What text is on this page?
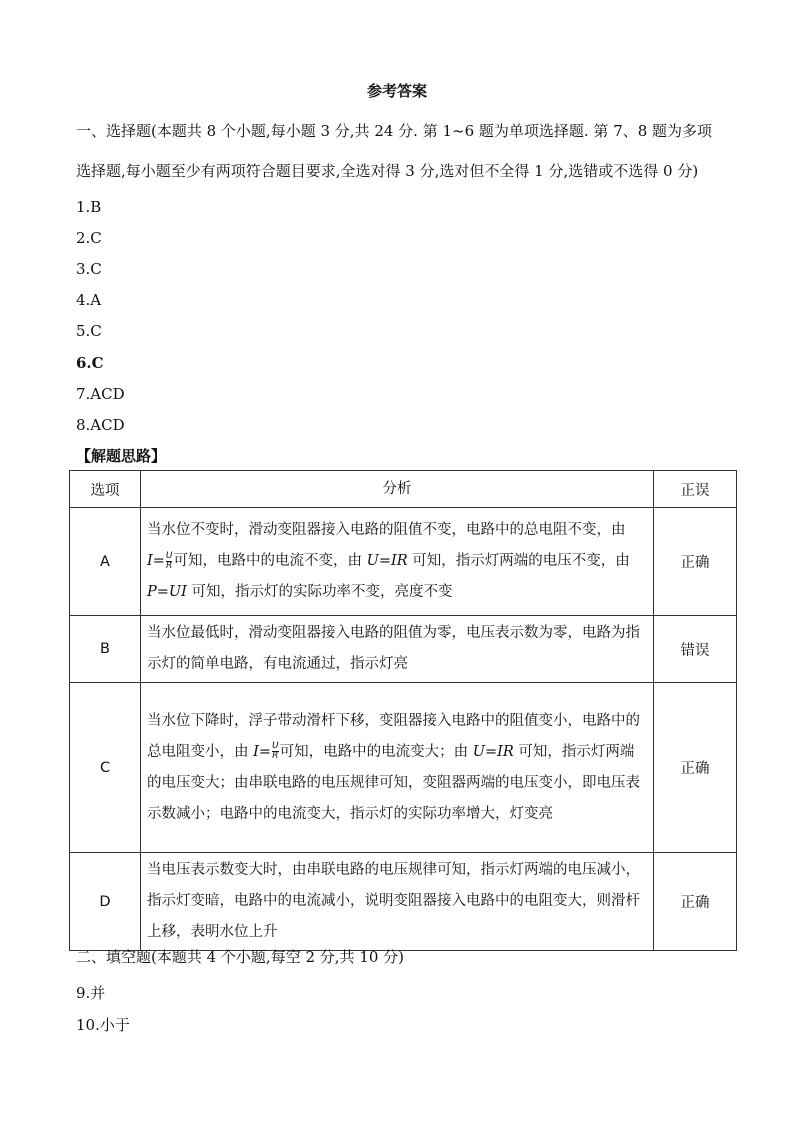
参考答案
一、选择题(本题共 8 个小题,每小题 3 分,共 24 分. 第 1~6 题为单项选择题. 第 7、8 题为多项
选择题,每小题至少有两项符合题目要求,全选对得 3 分,选对但不全得 1 分,选错或不选得 0 分)
1.B
2.C
3.C
4.A
5.C
6.C
7.ACD
8.ACD
【解题思路】
选项	分析	正误
A	当水位不变时，滑动变阻器接入电路的阻值不变，电路中的总电阻不变，由 $I= \frac{U}{R}$ 可知，电路中的电流不变，由 U=IR 可知，指示灯两端的电压不变，由 P=UI 可知，指示灯的实际功率不变，亮度不变	正确
B	当水位最低时，滑动变阻器接入电路的阻值为零，电压表示数为零，电路为指示灯的简单电路，有电流通过，指示灯亮	错误
C	当水位下降时，浮子带动滑杆下移，变阻器接入电路中的阻值变小，电路中的总电阻变小，由 $I= \frac{U}{R}$ 可知，电路中的电流变大；由 U=IR 可知，指示灯两端的电压变大；由串联电路的电压规律可知，变阻器两端的电压变小，即电压表示数减小；电路中的电流变大，指示灯的实际功率增大，灯变亮	正确
D	当电压表示数变大时，由串联电路的电压规律可知，指示灯两端的电压减小，指示灯变暗，电路中的电流减小，说明变阻器接入电路中的电阻变大，则滑杆上移，表明水位上升	正确
二、填空题(本题共 4 个小题,每空 2 分,共 10 分)
9.并
10.小于
